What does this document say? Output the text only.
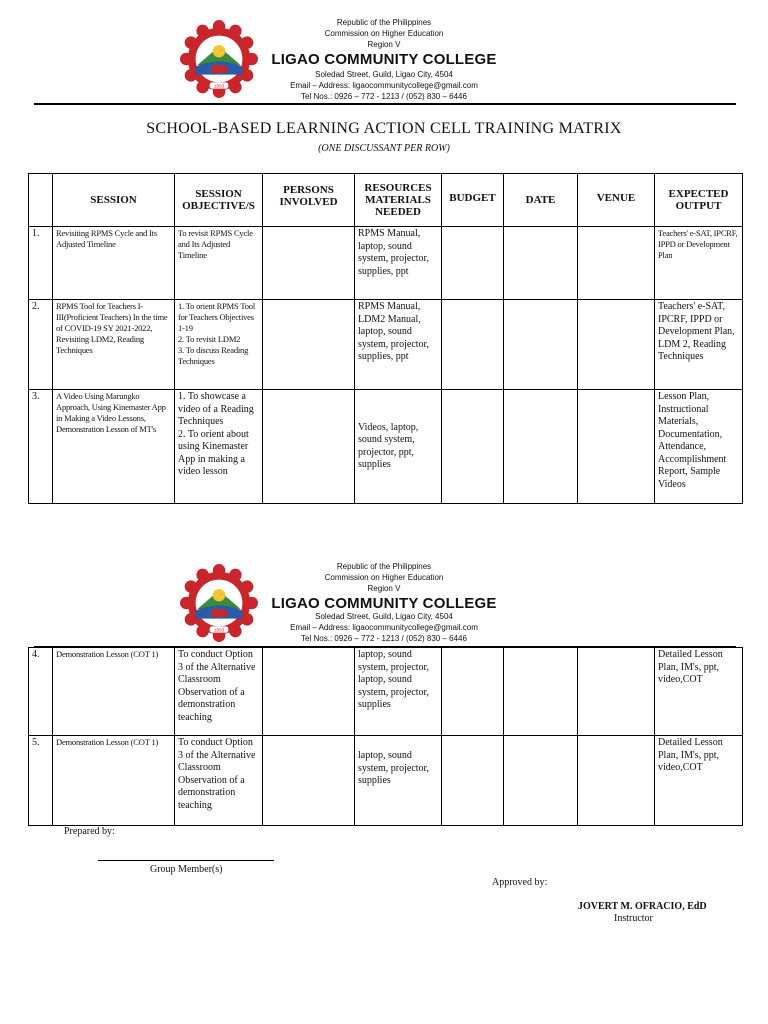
1993
Republic of the Philippines
Commission on Higher Education
Region V
LIGAO COMMUNITY COLLEGE
Soledad Street, Guild, Ligao City, 4504
Email – Address: ligaocommunitycollege@gmail.com
Tel Nos.: 0926 – 772 - 1213 / (052) 830 – 6446
SCHOOL-BASED LEARNING ACTION CELL TRAINING MATRIX
(ONE DISCUSSANT PER ROW)
	SESSION	SESSION OBJECTIVE/S	PERSONS INVOLVED	RESOURCES MATERIALS NEEDED	BUDGET	DATE	VENUE	EXPECTED OUTPUT
1.	Revisiting RPMS Cycle and Its Adjusted Timeline	To revisit RPMS Cycle and Its Adjusted Timeline		RPMS Manual, laptop, sound system, projector, supplies, ppt				Teachers' e-SAT, IPCRF, IPPD or Development Plan
2.	RPMS Tool for Teachers I-III(Proficient Teachers) In the time of COVID-19 SY 2021-2022, Revisiting LDM2, Reading Techniques	1. To orient RPMS Tool for Teachers Objectives 1-19
2. To revisit LDM2
3. To discuss Reading Techniques		RPMS Manual, LDM2 Manual, laptop, sound system, projector, supplies, ppt				Teachers' e-SAT, IPCRF, IPPD or Development Plan, LDM 2, Reading Techniques
3.	A Video Using Marungko Approach, Using Kinemaster App in Making a Video Lessons, Demonstration Lesson of MT's	1. To showcase a video of a Reading Techniques
2. To orient about using Kinemaster App in making a video lesson		Videos, laptop, sound system, projector, ppt, supplies				Lesson Plan, Instructional Materials, Documentation, Attendance, Accomplishment Report, Sample Videos
1993
Republic of the Philippines
Commission on Higher Education
Region V
LIGAO COMMUNITY COLLEGE
Soledad Street, Guild, Ligao City, 4504
Email – Address: ligaocommunitycollege@gmail.com
Tel Nos.: 0926 – 772 - 1213 / (052) 830 – 6446
4.	Demonstration Lesson (COT 1)	To conduct Option 3 of the Alternative Classroom Observation of a demonstration teaching		laptop, sound system, projector, laptop, sound system, projector, supplies				Detailed Lesson Plan, IM's, ppt, video,COT
5.	Demonstration Lesson (COT 1)	To conduct Option 3 of the Alternative Classroom Observation of a demonstration teaching		laptop, sound system, projector, supplies				Detailed Lesson Plan, IM's, ppt, video,COT
Prepared by:
Group Member(s)
Approved by:
JOVERT M. OFRACIO, EdD
Instructor
